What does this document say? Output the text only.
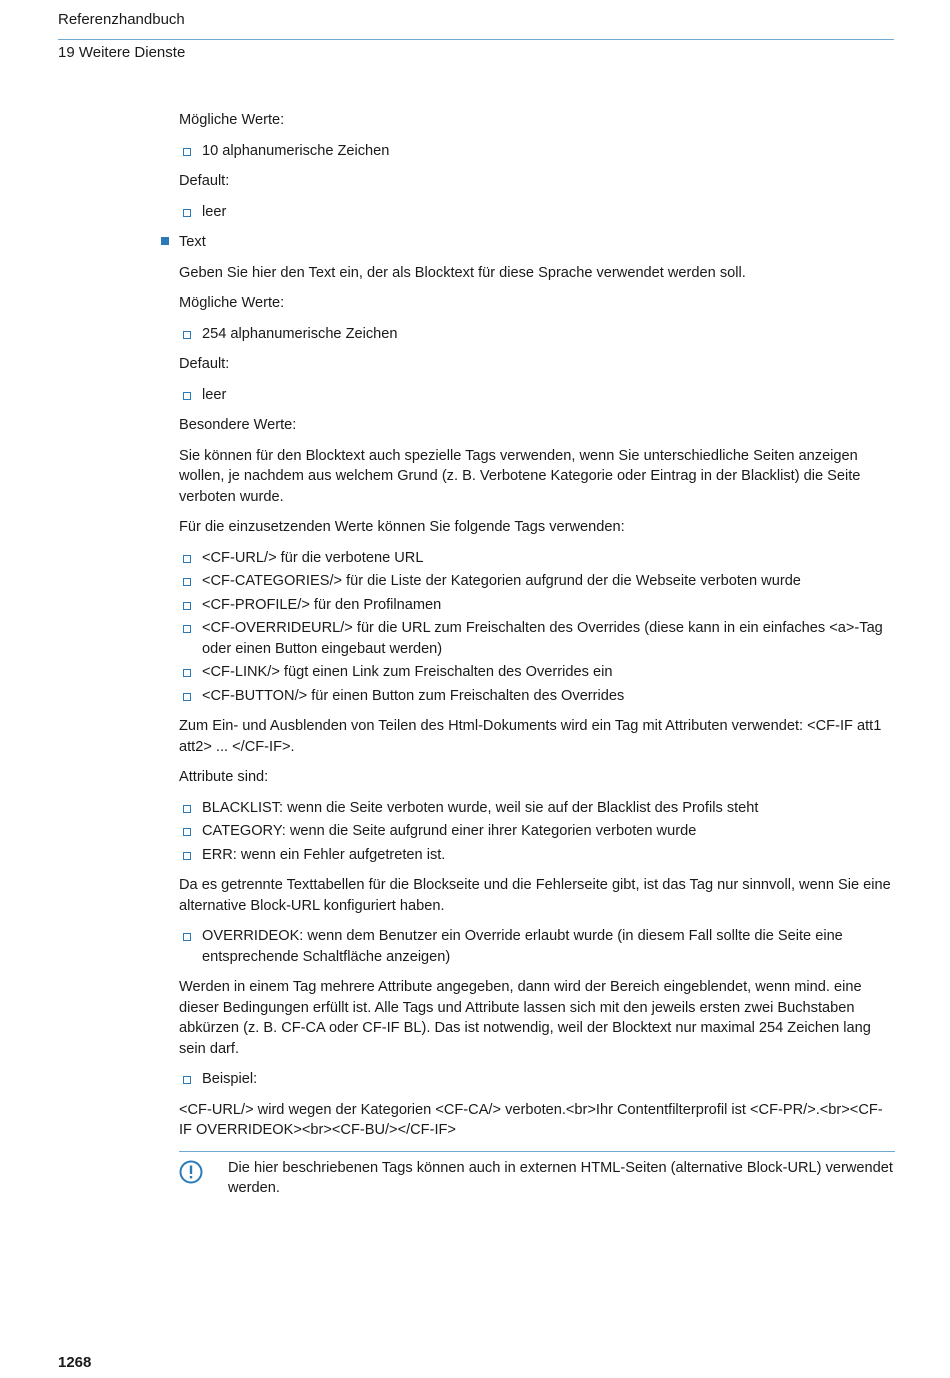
Referenzhandbuch
19 Weitere Dienste

Mögliche Werte:

10 alphanumerische Zeichen

Default:

leer
Text

Geben Sie hier den Text ein, der als Blocktext für diese Sprache verwendet werden soll.

Mögliche Werte:

254 alphanumerische Zeichen

Default:

leer

Besondere Werte:

Sie können für den Blocktext auch spezielle Tags verwenden, wenn Sie unterschiedliche Seiten anzeigen wollen, je nachdem aus welchem Grund (z. B. Verbotene Kategorie oder Eintrag in der Blacklist) die Seite verboten wurde.

Für die einzusetzenden Werte können Sie folgende Tags verwenden:

<CF-URL/> für die verbotene URL
<CF-CATEGORIES/> für die Liste der Kategorien aufgrund der die Webseite verboten wurde
<CF-PROFILE/> für den Profilnamen
<CF-OVERRIDEURL/> für die URL zum Freischalten des Overrides (diese kann in ein einfaches <a>-Tag oder einen Button eingebaut werden)
<CF-LINK/> fügt einen Link zum Freischalten des Overrides ein
<CF-BUTTON/> für einen Button zum Freischalten des Overrides

Zum Ein- und Ausblenden von Teilen des Html-Dokuments wird ein Tag mit Attributen verwendet: <CF-IF att1 att2> ... </CF-IF>.

Attribute sind:

BLACKLIST: wenn die Seite verboten wurde, weil sie auf der Blacklist des Profils steht
CATEGORY: wenn die Seite aufgrund einer ihrer Kategorien verboten wurde
ERR: wenn ein Fehler aufgetreten ist.

Da es getrennte Texttabellen für die Blockseite und die Fehlerseite gibt, ist das Tag nur sinnvoll, wenn Sie eine alternative Block-URL konfiguriert haben.

OVERRIDEOK: wenn dem Benutzer ein Override erlaubt wurde (in diesem Fall sollte die Seite eine entsprechende Schaltfläche anzeigen)

Werden in einem Tag mehrere Attribute angegeben, dann wird der Bereich eingeblendet, wenn mind. eine dieser Bedingungen erfüllt ist. Alle Tags und Attribute lassen sich mit den jeweils ersten zwei Buchstaben abkürzen (z. B. CF-CA oder CF-IF BL). Das ist notwendig, weil der Blocktext nur maximal 254 Zeichen lang sein darf.

Beispiel:

<CF-URL/> wird wegen der Kategorien <CF-CA/> verboten.<br>Ihr Contentfilterprofil ist <CF-PR/>.<br><CF-IF OVERRIDEOK><br><CF-BU/></CF-IF>

Die hier beschriebenen Tags können auch in externen HTML-Seiten (alternative Block-URL) verwendet werden.
1268
